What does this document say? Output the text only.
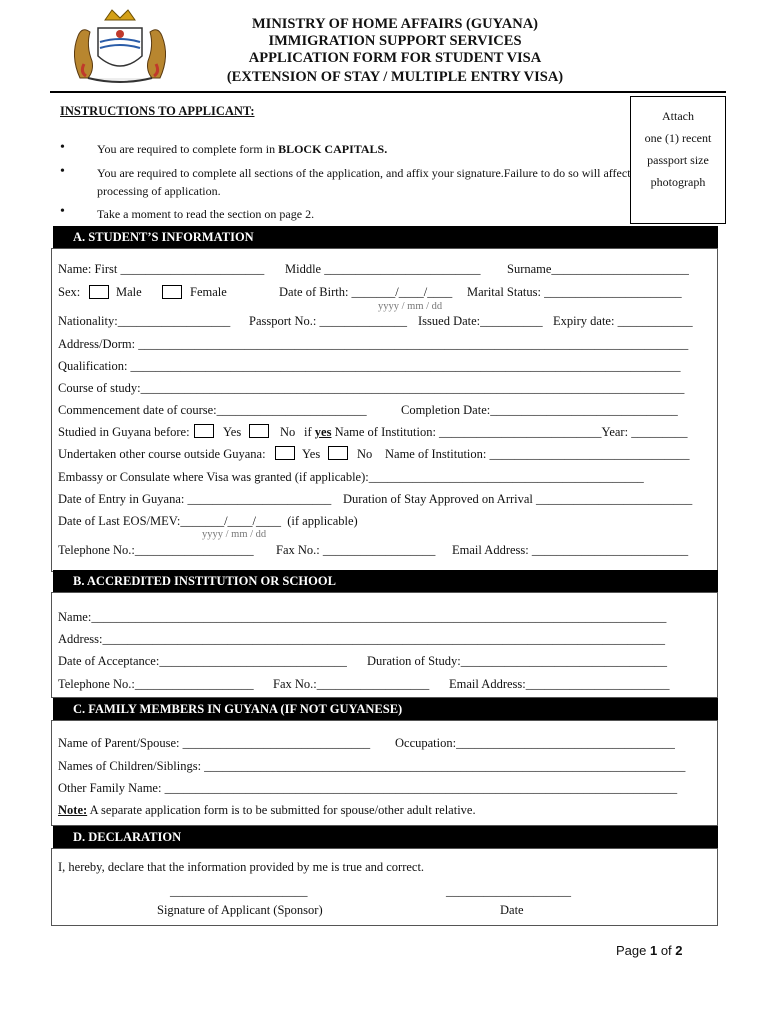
MINISTRY OF HOME AFFAIRS (GUYANA)
IMMIGRATION SUPPORT SERVICES
APPLICATION FORM FOR STUDENT VISA
(EXTENSION OF STAY / MULTIPLE ENTRY VISA)
Attach
one (1) recent
passport size
photograph
INSTRUCTIONS TO APPLICANT:
•	You are required to complete form in BLOCK CAPITALS.
•	You are required to complete all sections of the application, and affix your signature.Failure to do so will affect processing of application.
•	Take a moment to read the section on page 2.
A. STUDENT’S INFORMATION
Name: First _______________________ Middle _________________________ Surname______________________
Sex:	Male	Female	Date of Birth: _______/____/____ Marital Status: ______________________
yyyy / mm / dd
Nationality:__________________ Passport No.: ______________ Issued Date:__________ Expiry date: ____________
Address/Dorm: ________________________________________________________________________________________
Qualification: ________________________________________________________________________________________
Course of study:_______________________________________________________________________________________
Commencement date of course:________________________	Completion Date:______________________________
Studied in Guyana before:	Yes	No if yes Name of Institution: __________________________Year: _________
Undertaken other course outside Guyana:	Yes	No Name of Institution: ________________________________
Embassy or Consulate where Visa was granted (if applicable):____________________________________________
Date of Entry in Guyana: _______________________ Duration of Stay Approved on Arrival _________________________
Date of Last EOS/MEV:_______/____/____  (if applicable)
yyyy / mm / dd
Telephone No.:___________________ Fax No.: __________________ Email Address: _________________________
B. ACCREDITED INSTITUTION OR SCHOOL
Name:____________________________________________________________________________________________
Address:__________________________________________________________________________________________
Date of Acceptance:______________________________ Duration of Study:_________________________________
Telephone No.:___________________ Fax No.:__________________ Email Address:_______________________
C. FAMILY MEMBERS IN GUYANA (IF NOT GUYANESE)
Name of Parent/Spouse: ______________________________ Occupation:___________________________________
Names of Children/Siblings: _____________________________________________________________________________
Other Family Name: __________________________________________________________________________________
Note: A separate application form is to be submitted for spouse/other adult relative.
D. DECLARATION
I, hereby, declare that the information provided by me is true and correct.
______________________
Signature of Applicant (Sponsor)
____________________
Date
Page 1 of 2
